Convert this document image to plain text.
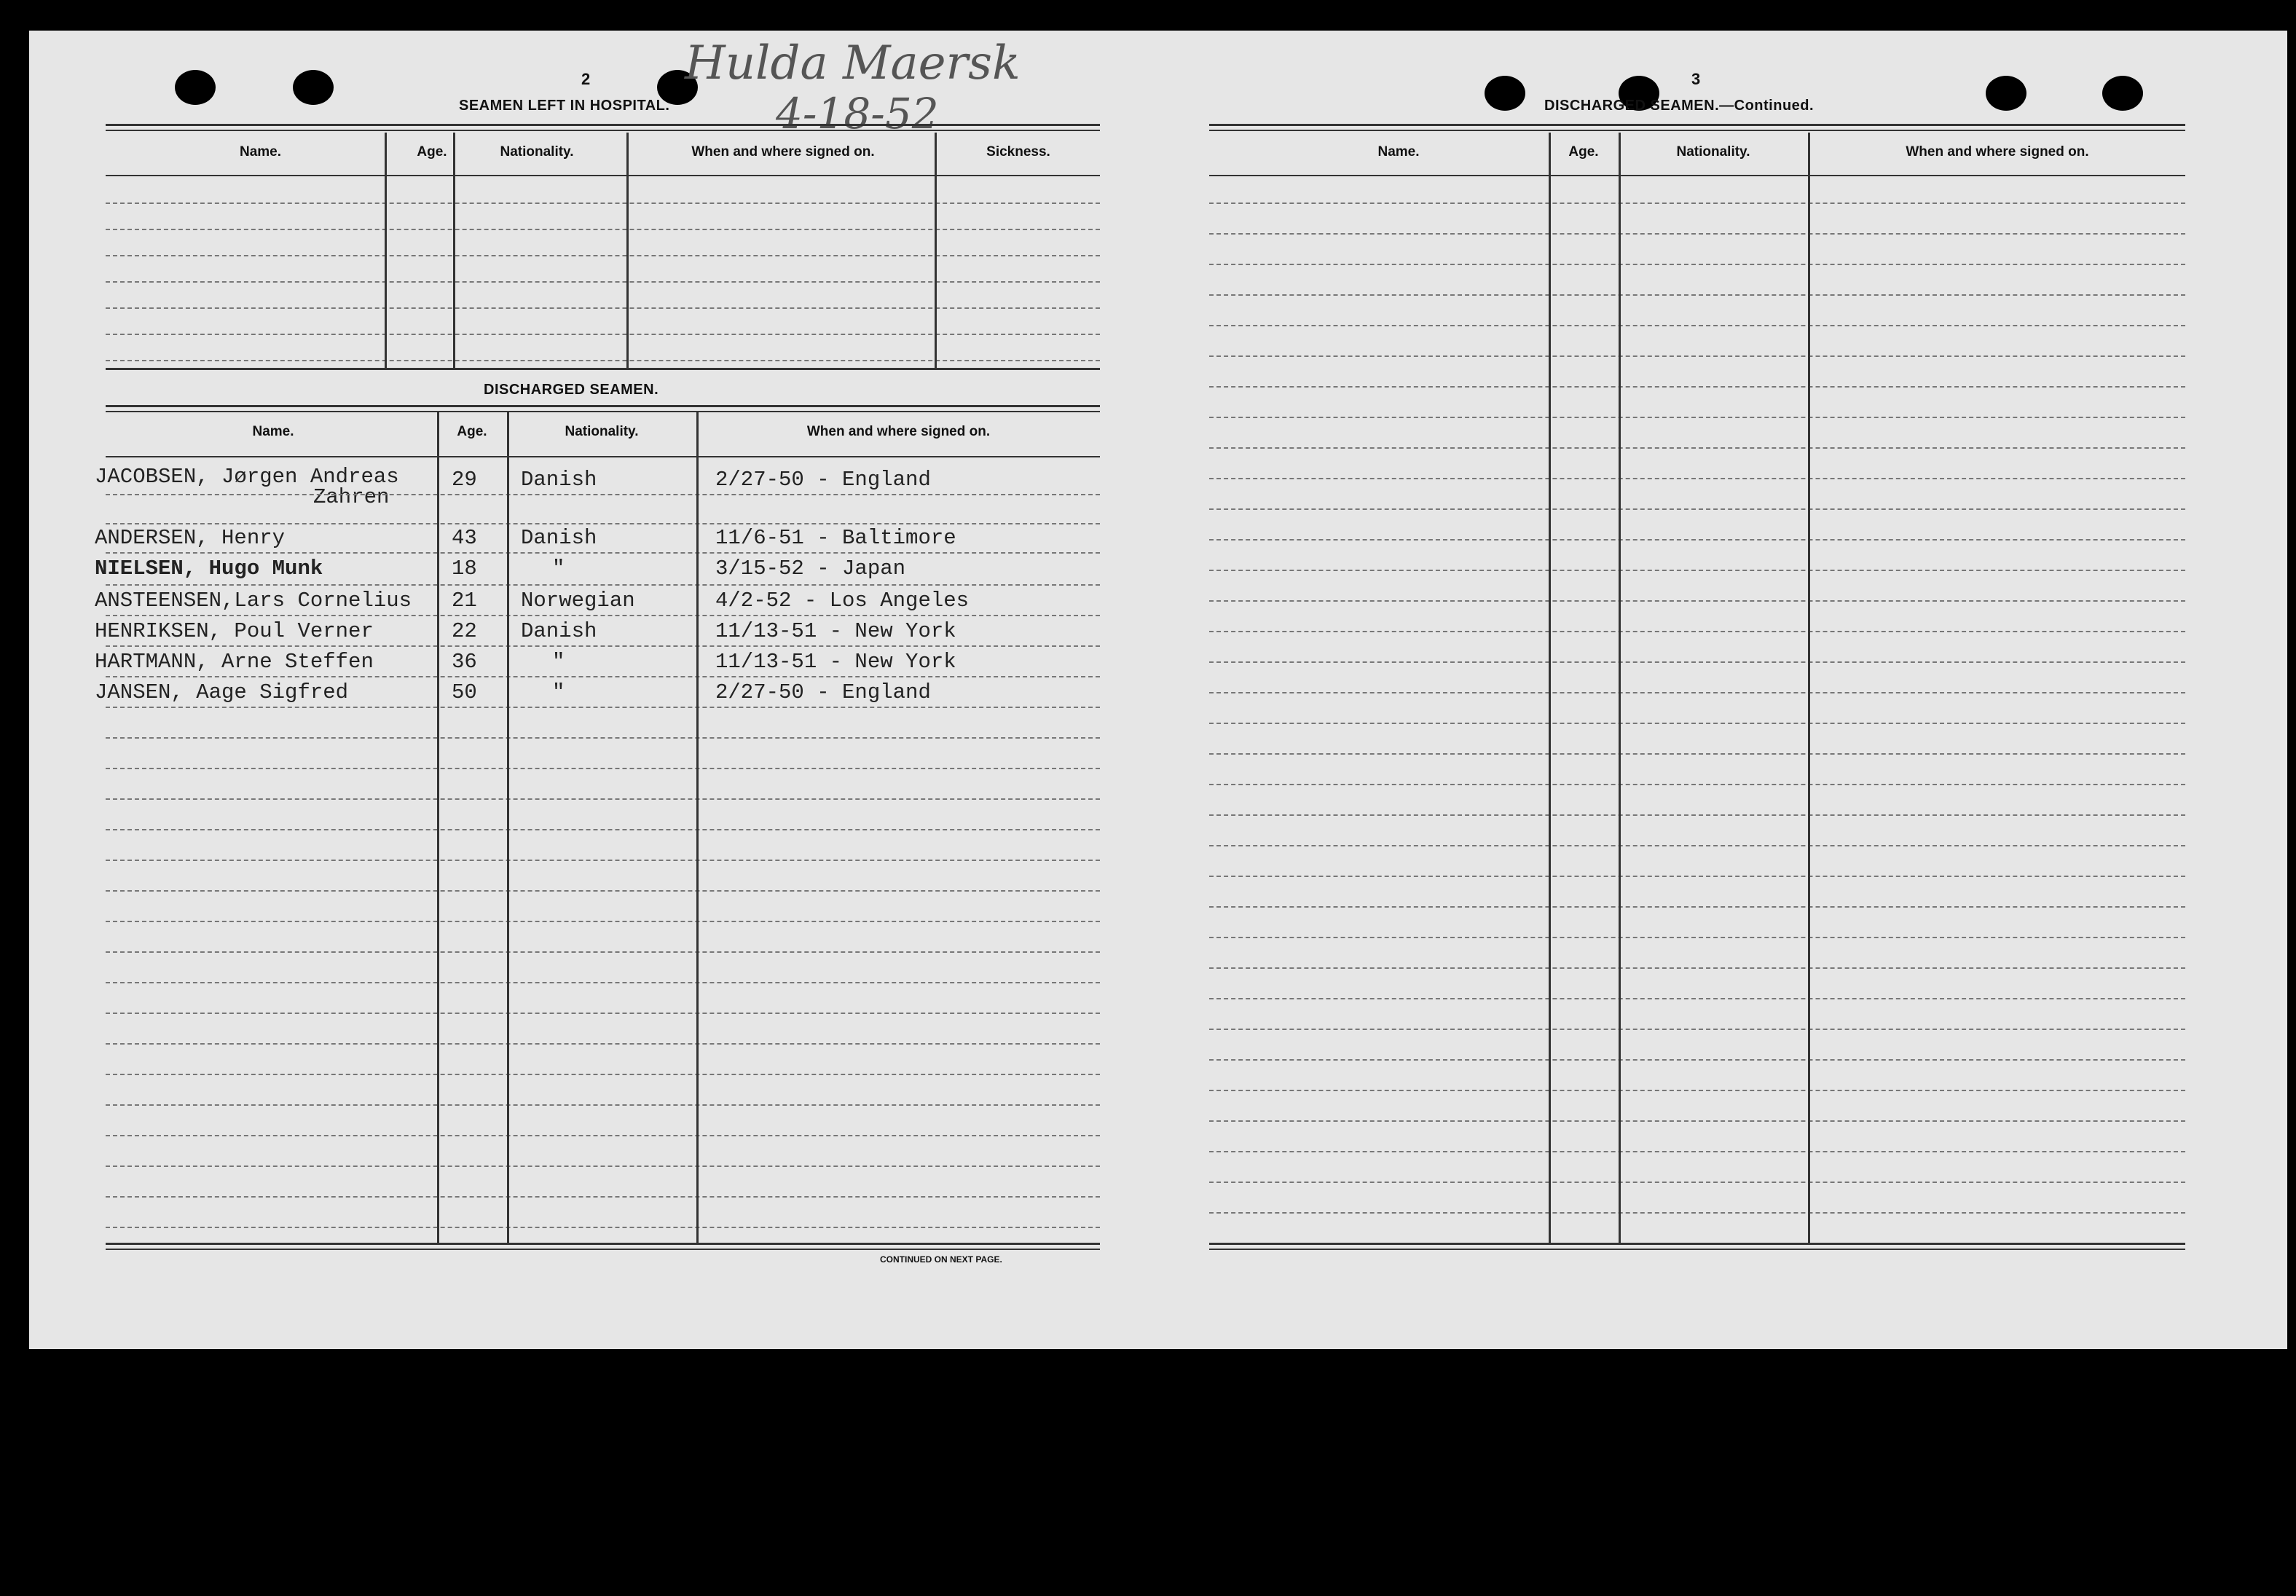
2
SEAMEN LEFT IN HOSPITAL.
Hulda Maersk
4-18-52
Name.	Age.	Nationality.	When and where signed on.	Sickness.
DISCHARGED SEAMEN.
Name.	Age.	Nationality.	When and where signed on.
JACOBSEN, Jørgen Andreas
Zahren
29 Danish	2/27-50 - England
ANDERSEN, Henry	43 Danish	11/6-51 - Baltimore
NIELSEN, Hugo Munk	18	"	3/15-52 - Japan
ANSTEENSEN,Lars Cornelius 21 Norwegian	4/2-52 - Los Angeles
HENRIKSEN, Poul Verner	22 Danish	11/13-51 - New York
HARTMANN, Arne Steffen	36	"	11/13-51 - New York
JANSEN, Aage Sigfred	50	"	2/27-50 - England
CONTINUED ON NEXT PAGE.
3
DISCHARGED SEAMEN.—Continued.
Name.	Age.	Nationality.	When and where signed on.
